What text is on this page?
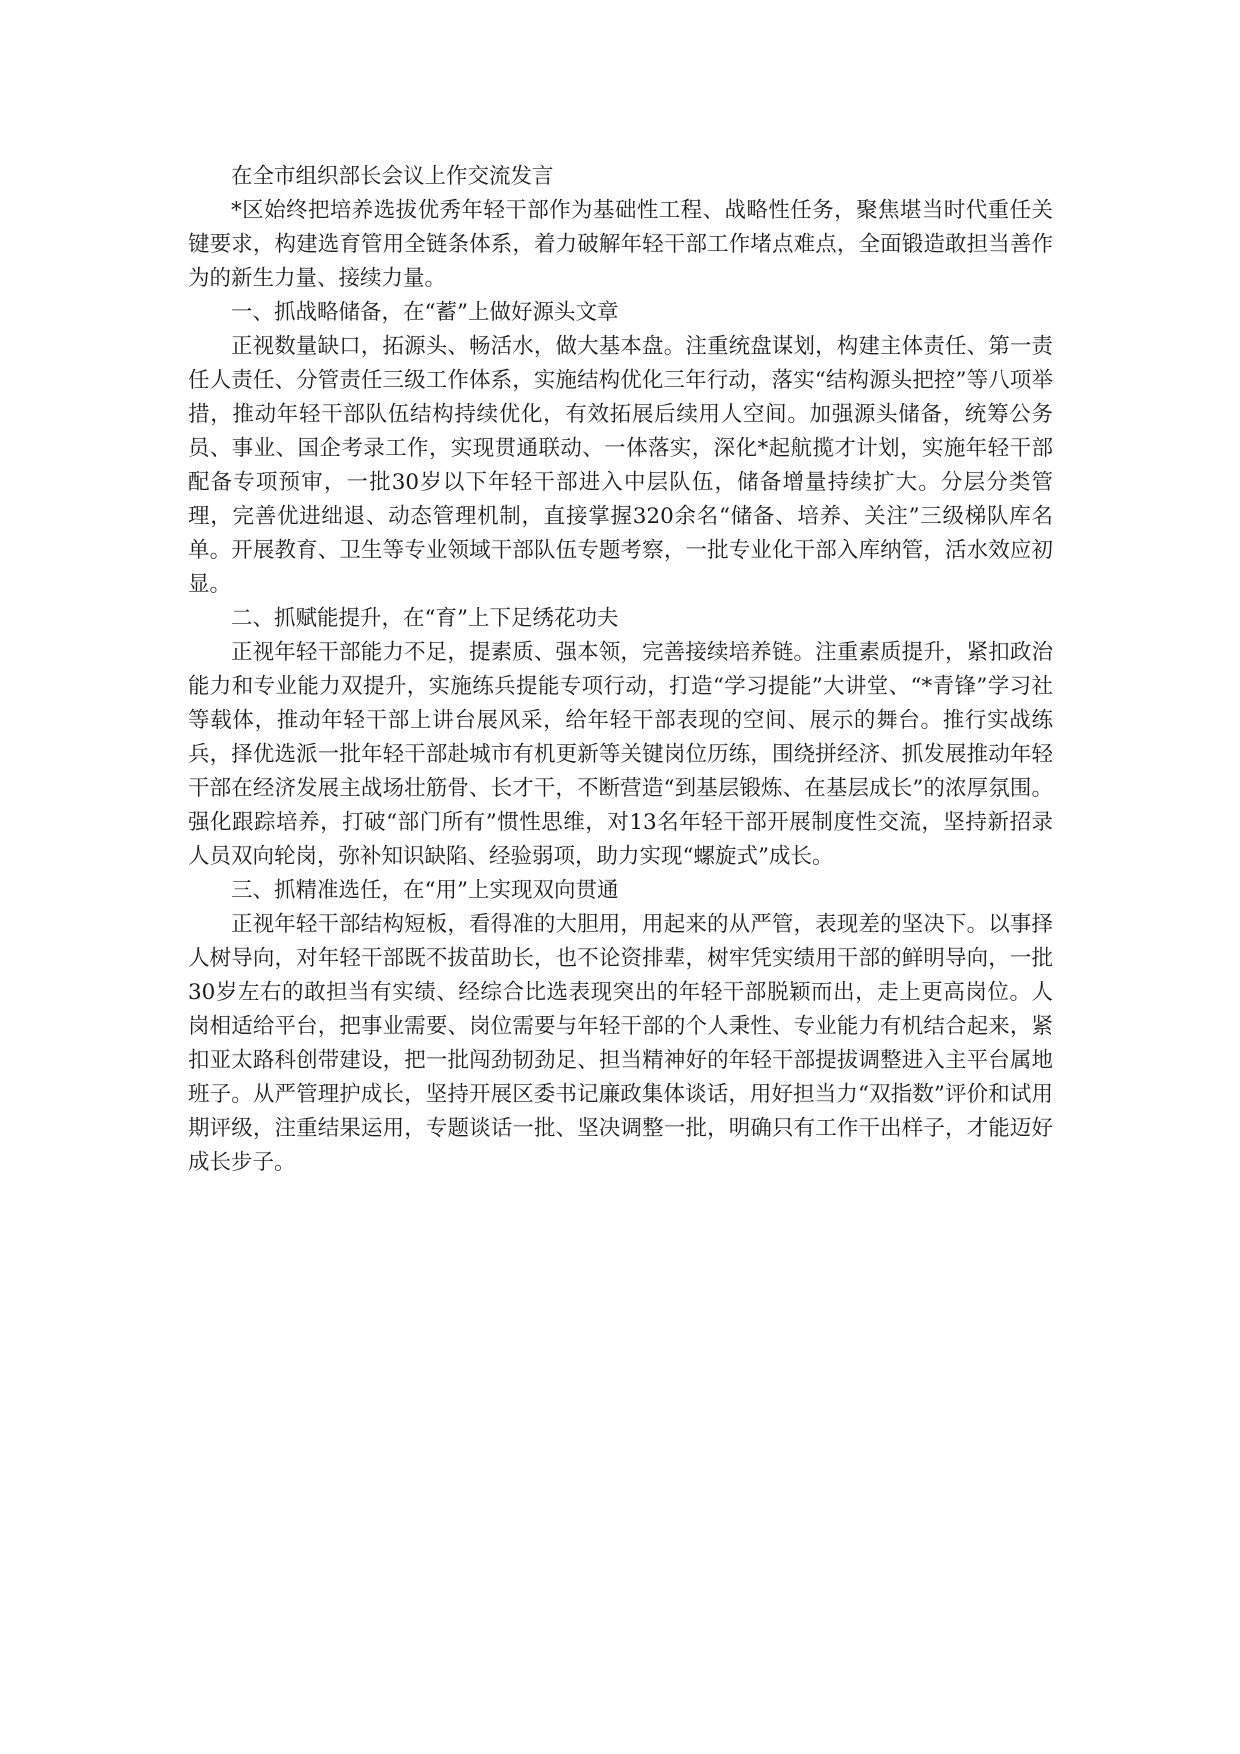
在全市组织部长会议上作交流发言

*区始终把培养选拔优秀年轻干部作为基础性工程、战略性任务，聚焦堪当时代重任关键要求，构建选育管用全链条体系，着力破解年轻干部工作堵点难点，全面锻造敢担当善作为的新生力量、接续力量。

一、抓战略储备，在“蓄”上做好源头文章

正视数量缺口，拓源头、畅活水，做大基本盘。注重统盘谋划，构建主体责任、第一责任人责任、分管责任三级工作体系，实施结构优化三年行动，落实“结构源头把控”等八项举措，推动年轻干部队伍结构持续优化，有效拓展后续用人空间。加强源头储备，统筹公务员、事业、国企考录工作，实现贯通联动、一体落实，深化*起航揽才计划，实施年轻干部配备专项预审，一批30岁以下年轻干部进入中层队伍，储备增量持续扩大。分层分类管理，完善优进绌退、动态管理机制，直接掌握320余名“储备、培养、关注”三级梯队库名单。开展教育、卫生等专业领域干部队伍专题考察，一批专业化干部入库纳管，活水效应初显。

二、抓赋能提升，在“育”上下足绣花功夫

正视年轻干部能力不足，提素质、强本领，完善接续培养链。注重素质提升，紧扣政治能力和专业能力双提升，实施练兵提能专项行动，打造“学习提能”大讲堂、“*青锋”学习社等载体，推动年轻干部上讲台展风采，给年轻干部表现的空间、展示的舞台。推行实战练兵，择优选派一批年轻干部赴城市有机更新等关键岗位历练，围绕拼经济、抓发展推动年轻干部在经济发展主战场壮筋骨、长才干，不断营造“到基层锻炼、在基层成长”的浓厚氛围。强化跟踪培养，打破“部门所有”惯性思维，对13名年轻干部开展制度性交流，坚持新招录人员双向轮岗，弥补知识缺陷、经验弱项，助力实现“螺旋式”成长。

三、抓精准选任，在“用”上实现双向贯通

正视年轻干部结构短板，看得准的大胆用，用起来的从严管，表现差的坚决下。以事择人树导向，对年轻干部既不拔苗助长，也不论资排辈，树牢凭实绩用干部的鲜明导向，一批30岁左右的敢担当有实绩、经综合比选表现突出的年轻干部脱颖而出，走上更高岗位。人岗相适给平台，把事业需要、岗位需要与年轻干部的个人秉性、专业能力有机结合起来，紧扣亚太路科创带建设，把一批闯劲韧劲足、担当精神好的年轻干部提拔调整进入主平台属地班子。从严管理护成长，坚持开展区委书记廉政集体谈话，用好担当力“双指数”评价和试用期评级，注重结果运用，专题谈话一批、坚决调整一批，明确只有工作干出样子，才能迈好成长步子。
